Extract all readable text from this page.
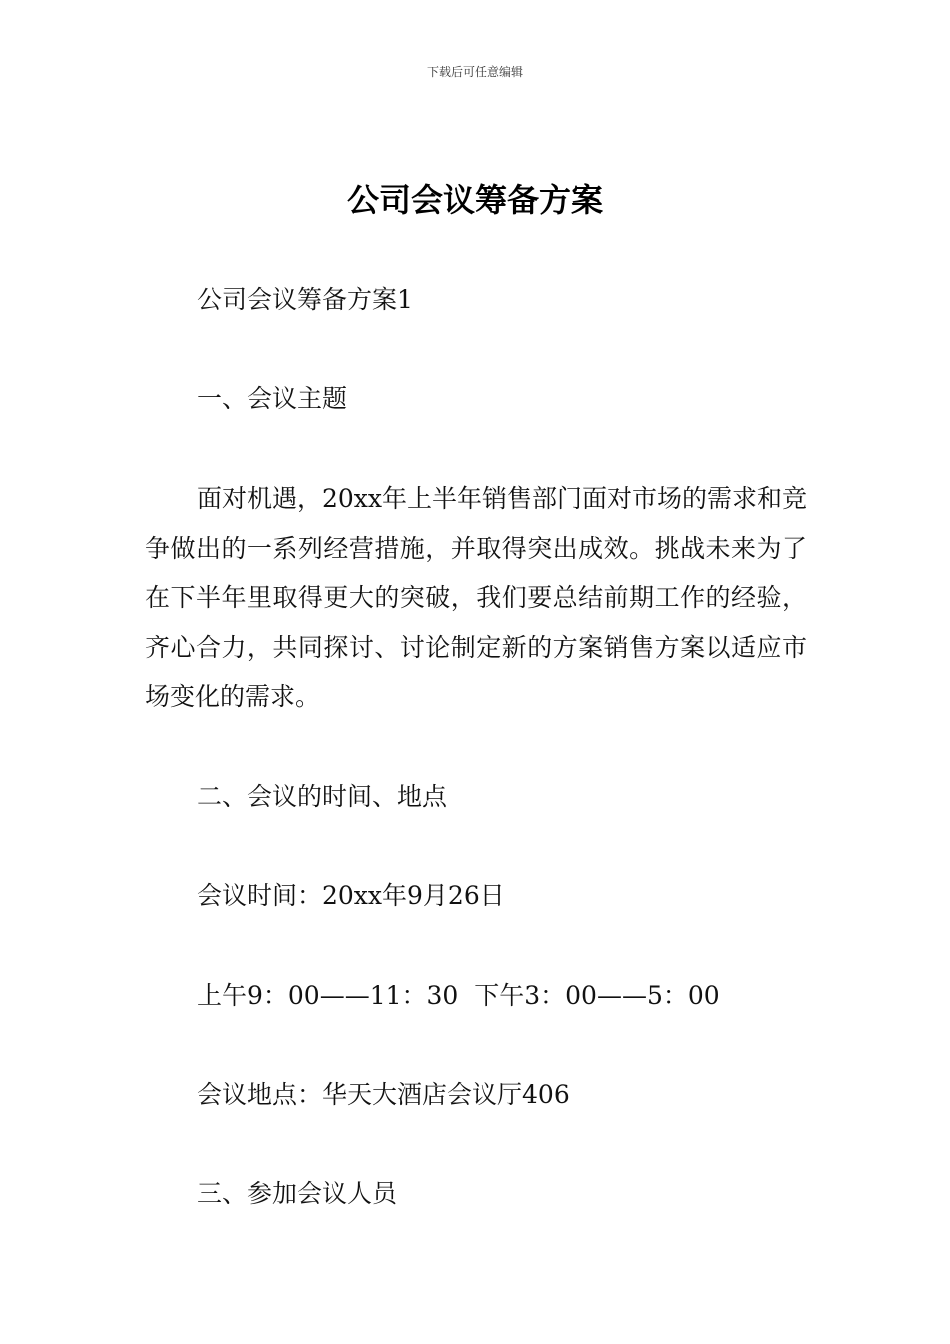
下载后可任意编辑
公司会议筹备方案
公司会议筹备方案1
一、会议主题
面对机遇，20xx年上半年销售部门面对市场的需求和竞争做出的一系列经营措施，并取得突出成效。挑战未来为了在下半年里取得更大的突破，我们要总结前期工作的经验，齐心合力，共同探讨、讨论制定新的方案销售方案以适应市场变化的需求。
二、会议的时间、地点
会议时间：20xx年9月26日
上午9：00——11：30  下午3：00——5：00
会议地点：华天大酒店会议厅406
三、参加会议人员
